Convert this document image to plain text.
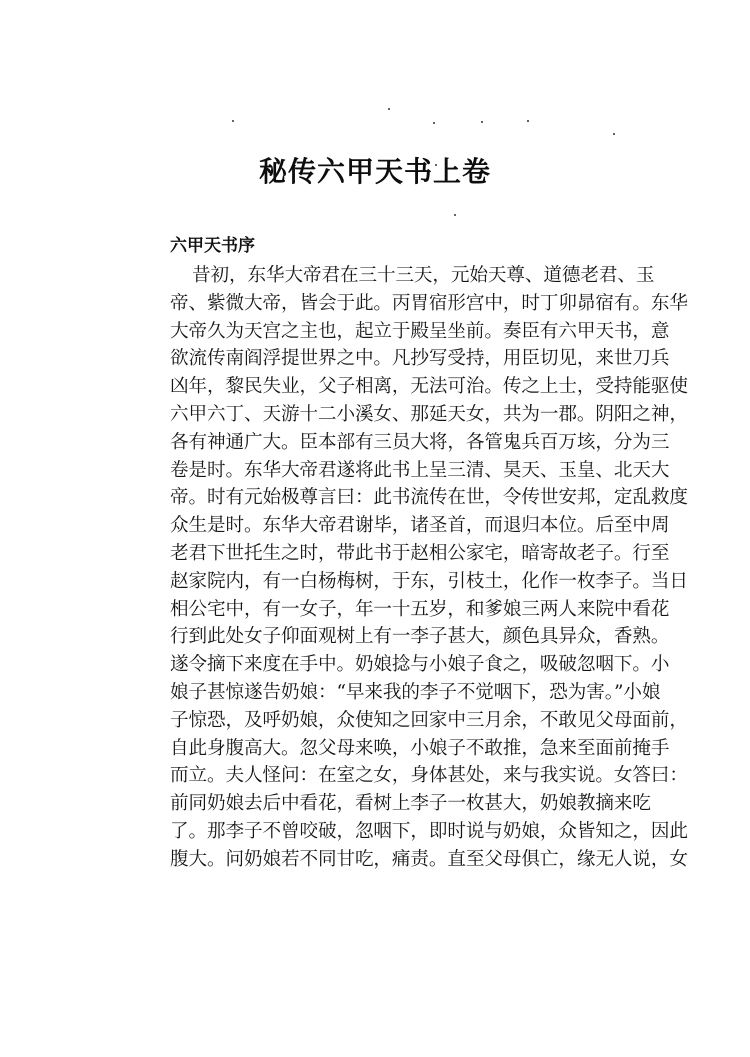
秘传六甲天书上卷
六甲天书序
昔初，东华大帝君在三十三天，元始天尊、道德老君、玉
帝、紫微大帝，皆会于此。丙胃宿形宫中，时丁卯昴宿有。东华
大帝久为天宫之主也，起立于殿呈坐前。奏臣有六甲天书，意
欲流传南阎浮提世界之中。凡抄写受持，用臣切见，来世刀兵
凶年，黎民失业，父子相离，无法可治。传之上士，受持能驱使
六甲六丁、天游十二小溪女、那延天女，共为一郡。阴阳之神，
各有神通广大。臣本部有三员大将，各管鬼兵百万垓，分为三
卷是时。东华大帝君遂将此书上呈三清、昊天、玉皇、北天大
帝。时有元始极尊言曰：此书流传在世，令传世安邦，定乱救度
众生是时。东华大帝君谢毕，诸圣首，而退归本位。后至中周
老君下世托生之时，带此书于赵相公家宅，暗寄故老子。行至
赵家院内，有一白杨梅树，于东，引枝土，化作一枚李子。当日
相公宅中，有一女子，年一十五岁，和爹娘三两人来院中看花
行到此处女子仰面观树上有一李子甚大，颜色具异众，香熟。
遂令摘下来度在手中。奶娘捻与小娘子食之，吸破忽咽下。小
娘子甚惊遂告奶娘：“早来我的李子不觉咽下，恐为害。”小娘
子惊恐，及呼奶娘，众使知之回家中三月余，不敢见父母面前，
自此身腹高大。忽父母来唤，小娘子不敢推，急来至面前掩手
而立。夫人怪问：在室之女，身体甚处，来与我实说。女答曰：
前同奶娘去后中看花，看树上李子一枚甚大，奶娘教摘来吃
了。那李子不曾咬破，忽咽下，即时说与奶娘，众皆知之，因此
腹大。问奶娘若不同甘吃，痛责。直至父母俱亡，缘无人说，女
